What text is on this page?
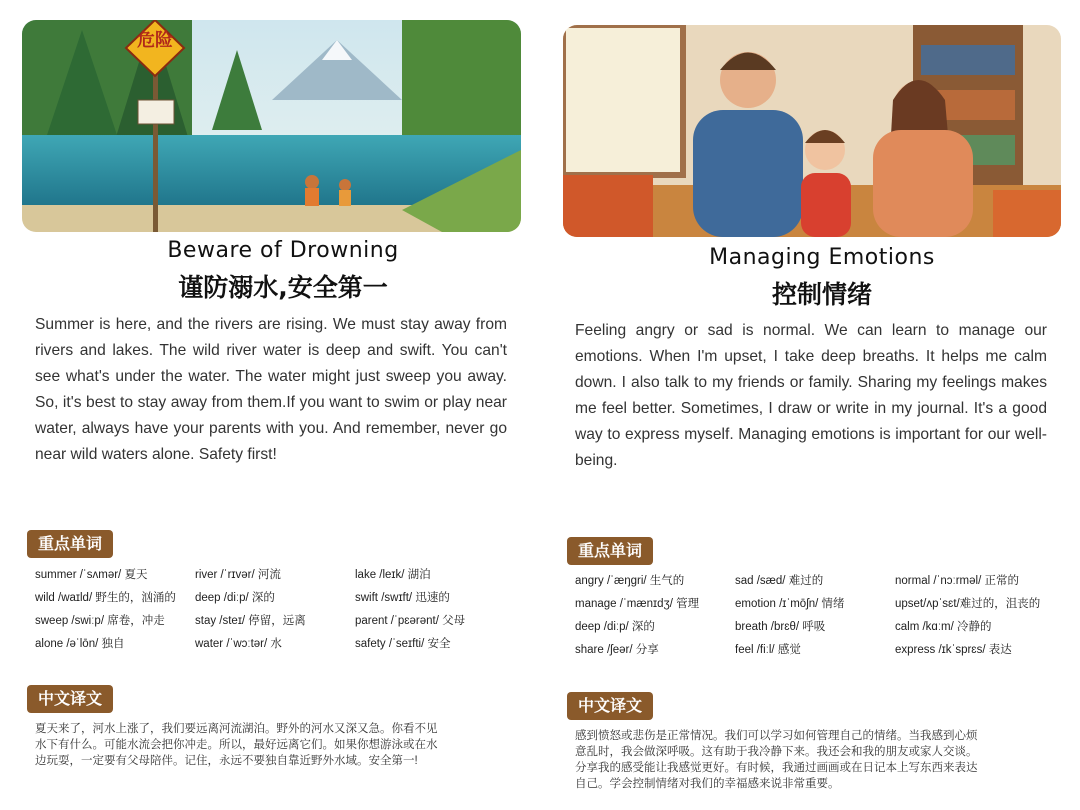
危险
Beware of Drowning
谨防溺水,安全第一
Summer is here, and the rivers are rising. We must stay away from rivers and lakes. The wild river water is deep and swift. You can't see what's under the water. The water might just sweep you away. So, it's best to stay away from them.If you want to swim or play near water, always have your parents with you. And remember, never go near wild waters alone. Safety first!
重点单词
summer /ˈsʌmər/ 夏天	river /ˈrɪvər/ 河流	lake /leɪk/ 湖泊
wild /waɪld/ 野生的，汹涌的	deep /diːp/ 深的	swift /swɪft/ 迅速的
sweep /swiːp/ 席卷，冲走	stay /steɪ/ 停留，远离	parent /ˈpɛərənt/ 父母
alone /əˈlōn/ 独自	water /ˈwɔːtər/ 水	safety /ˈseɪfti/ 安全
中文译文
夏天来了，河水上涨了，我们要远离河流湖泊。野外的河水又深又急。你看不见水下有什么。可能水流会把你冲走。所以，最好远离它们。如果你想游泳或在水边玩耍，一定要有父母陪伴。记住，永远不要独自靠近野外水域。安全第一!
Managing Emotions
控制情绪
Feeling angry or sad is normal. We can learn to manage our emotions. When I'm upset, I take deep breaths. It helps me calm down. I also talk to my friends or family. Sharing my feelings makes me feel better. Sometimes, I draw or write in my journal. It's a good way to express myself. Managing emotions is important for our well-being.
重点单词
angry /ˈæŋgri/ 生气的	sad /sæd/ 难过的	normal /ˈnɔːrməl/ 正常的
manage /ˈmænɪdʒ/ 管理	emotion /ɪˈmōʃn/ 情绪	upset/ʌpˈsɛt/难过的，沮丧的
deep /diːp/ 深的	breath /brɛθ/ 呼吸	calm /kɑːm/ 冷静的
share /ʃeər/ 分享	feel /fiːl/ 感觉	express /ɪkˈsprɛs/ 表达
中文译文
感到愤怒或悲伤是正常情况。我们可以学习如何管理自己的情绪。当我感到心烦意乱时，我会做深呼吸。这有助于我冷静下来。我还会和我的朋友或家人交谈。分享我的感受能让我感觉更好。有时候，我通过画画或在日记本上写东西来表达自己。学会控制情绪对我们的幸福感来说非常重要。
